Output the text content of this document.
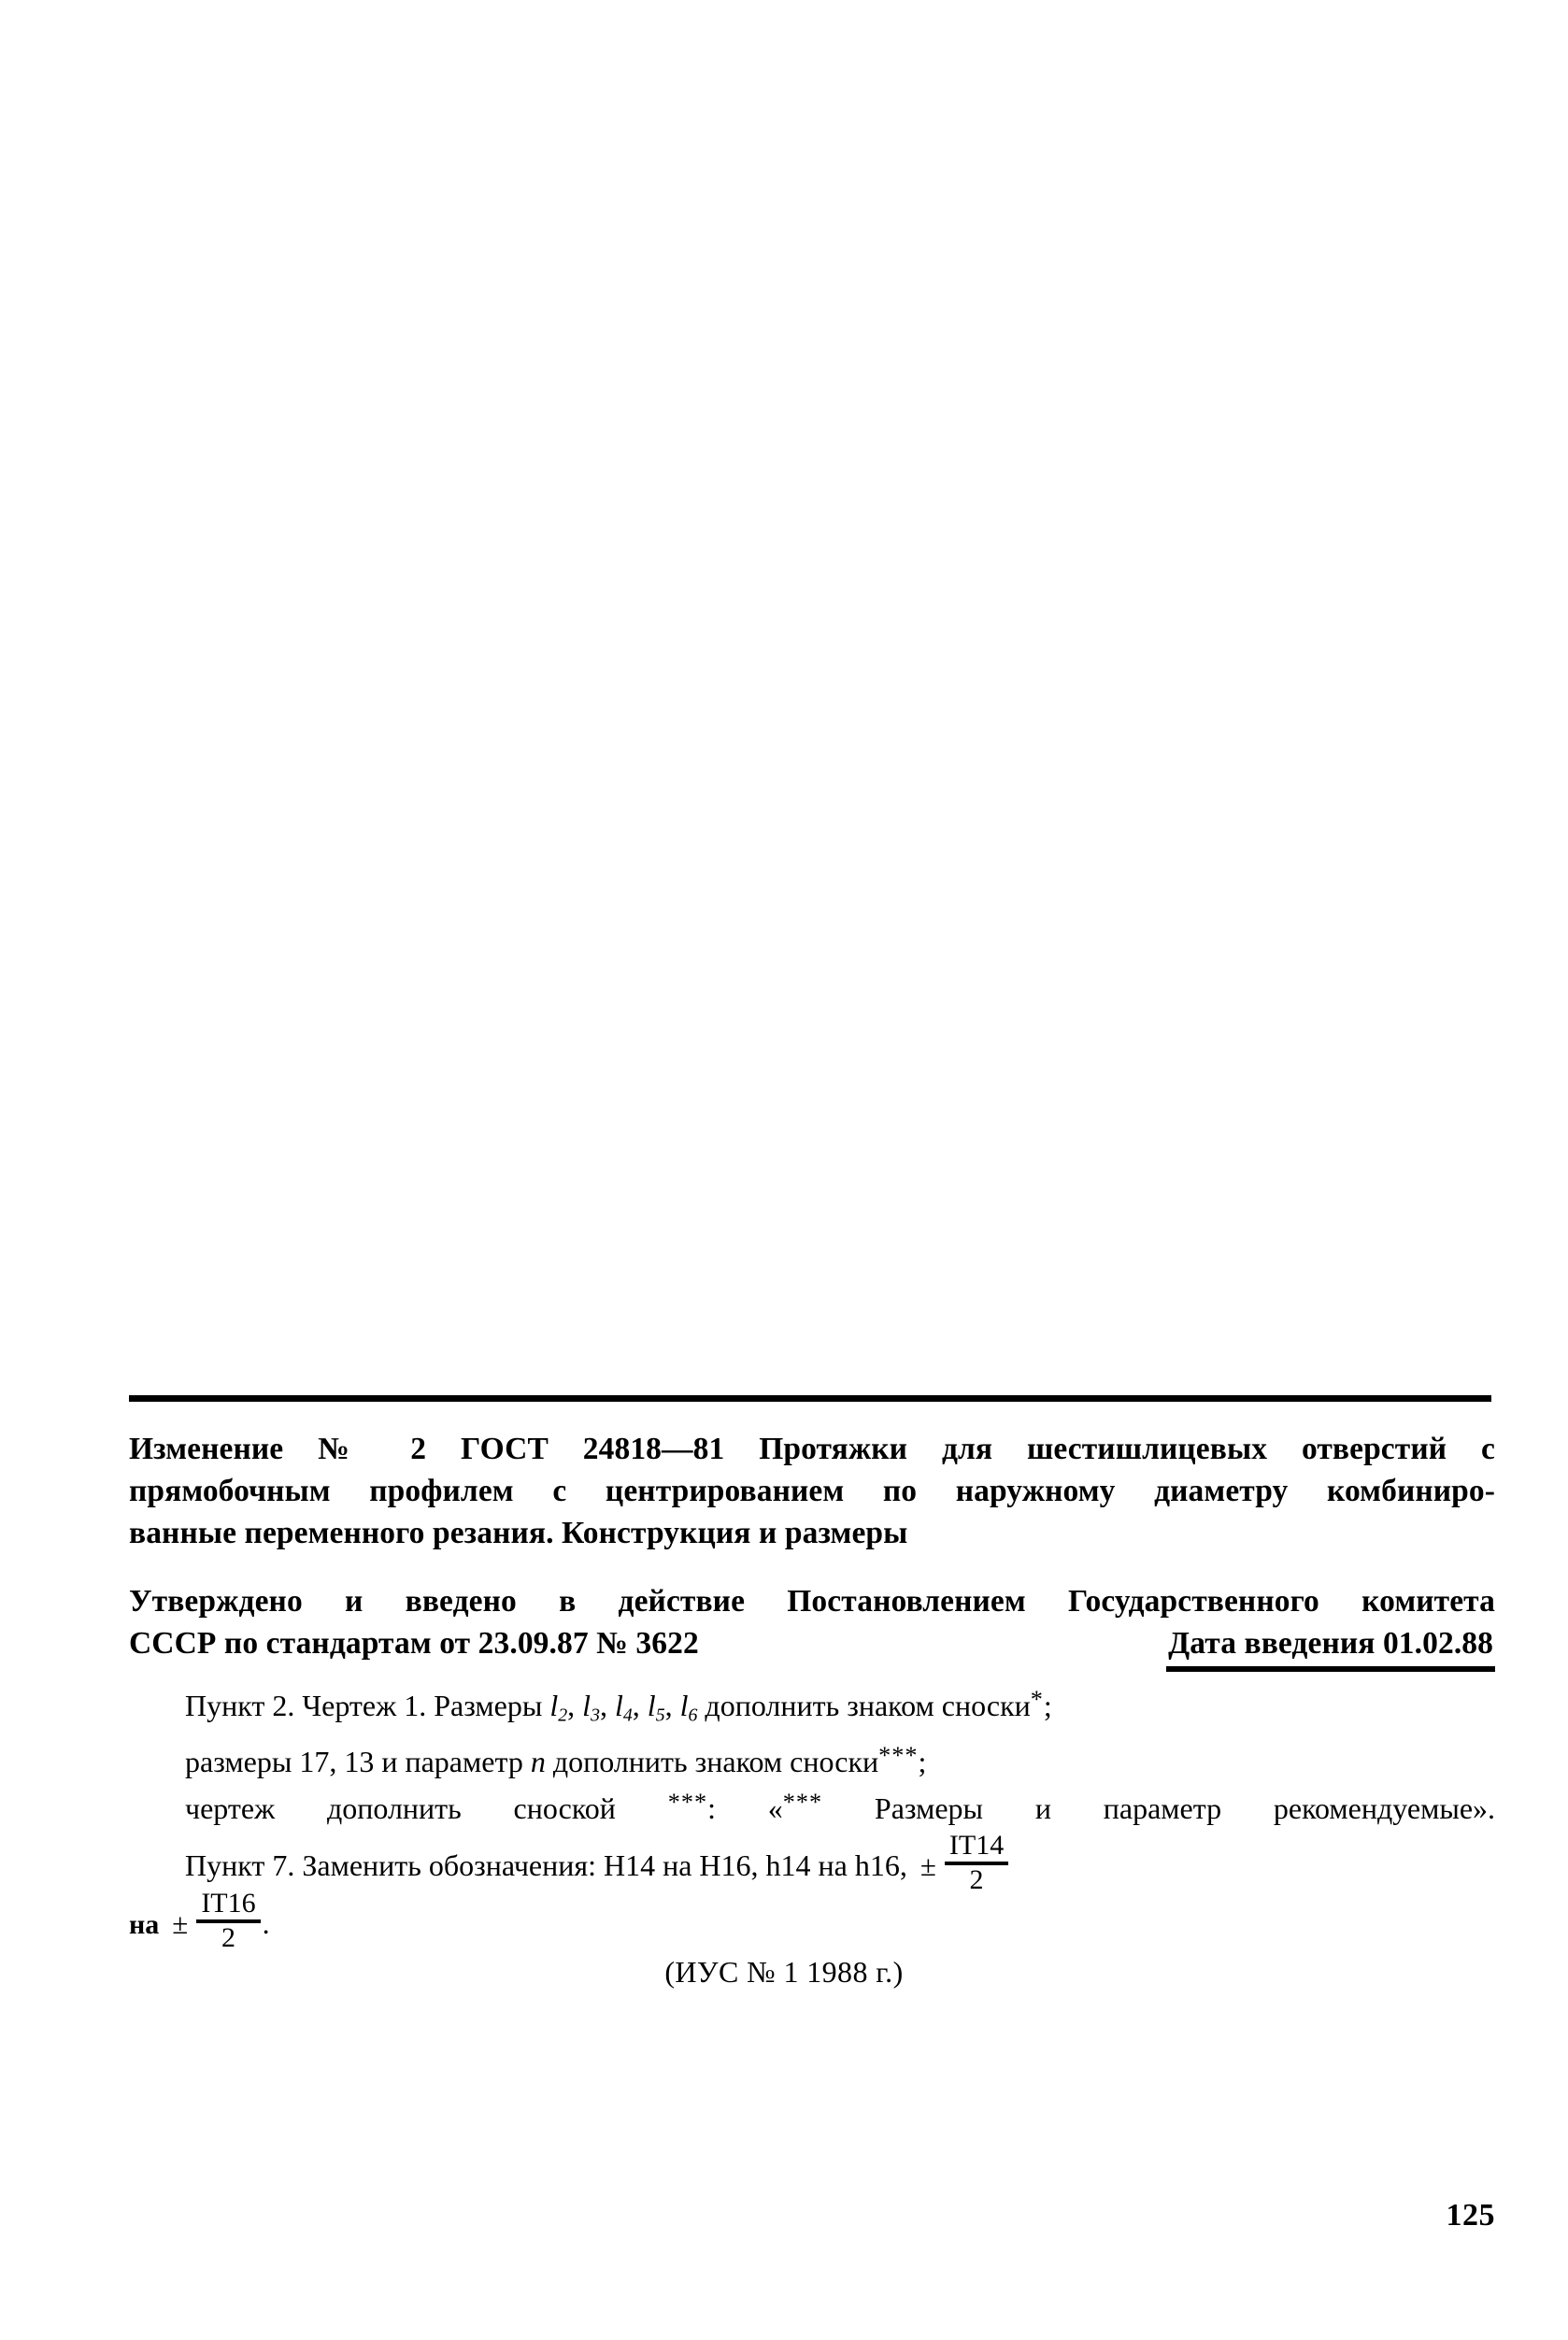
Изменение № 2 ГОСТ 24818—81 Протяжки для шестишлицевых отверстий с
прямобочным профилем с центрированием по наружному диаметру комбиниро-
ванные переменного резания. Конструкция и размеры

Утверждено и введено в действие Постановлением Государственного комитета
СССР по стандартам от 23.09.87 № 3622	Дата введения 01.02.88
Пункт 2. Чертеж 1. Размеры $l_2$, $l_3$, $l_4$, $l_5$, $l_6$ дополнить знаком сноски*;
размеры 17, 13 и параметр n дополнить знаком сноски***;
чертеж дополнить сноской ***: «*** Размеры и параметр рекомендуемые».
Пункт 7. Заменить обозначения: H14 на H16, h14 на h16, ± $\frac{IT14}{2}$
на ± $\frac{IT16}{2}$ .
(ИУС № 1 1988 г.)
125
